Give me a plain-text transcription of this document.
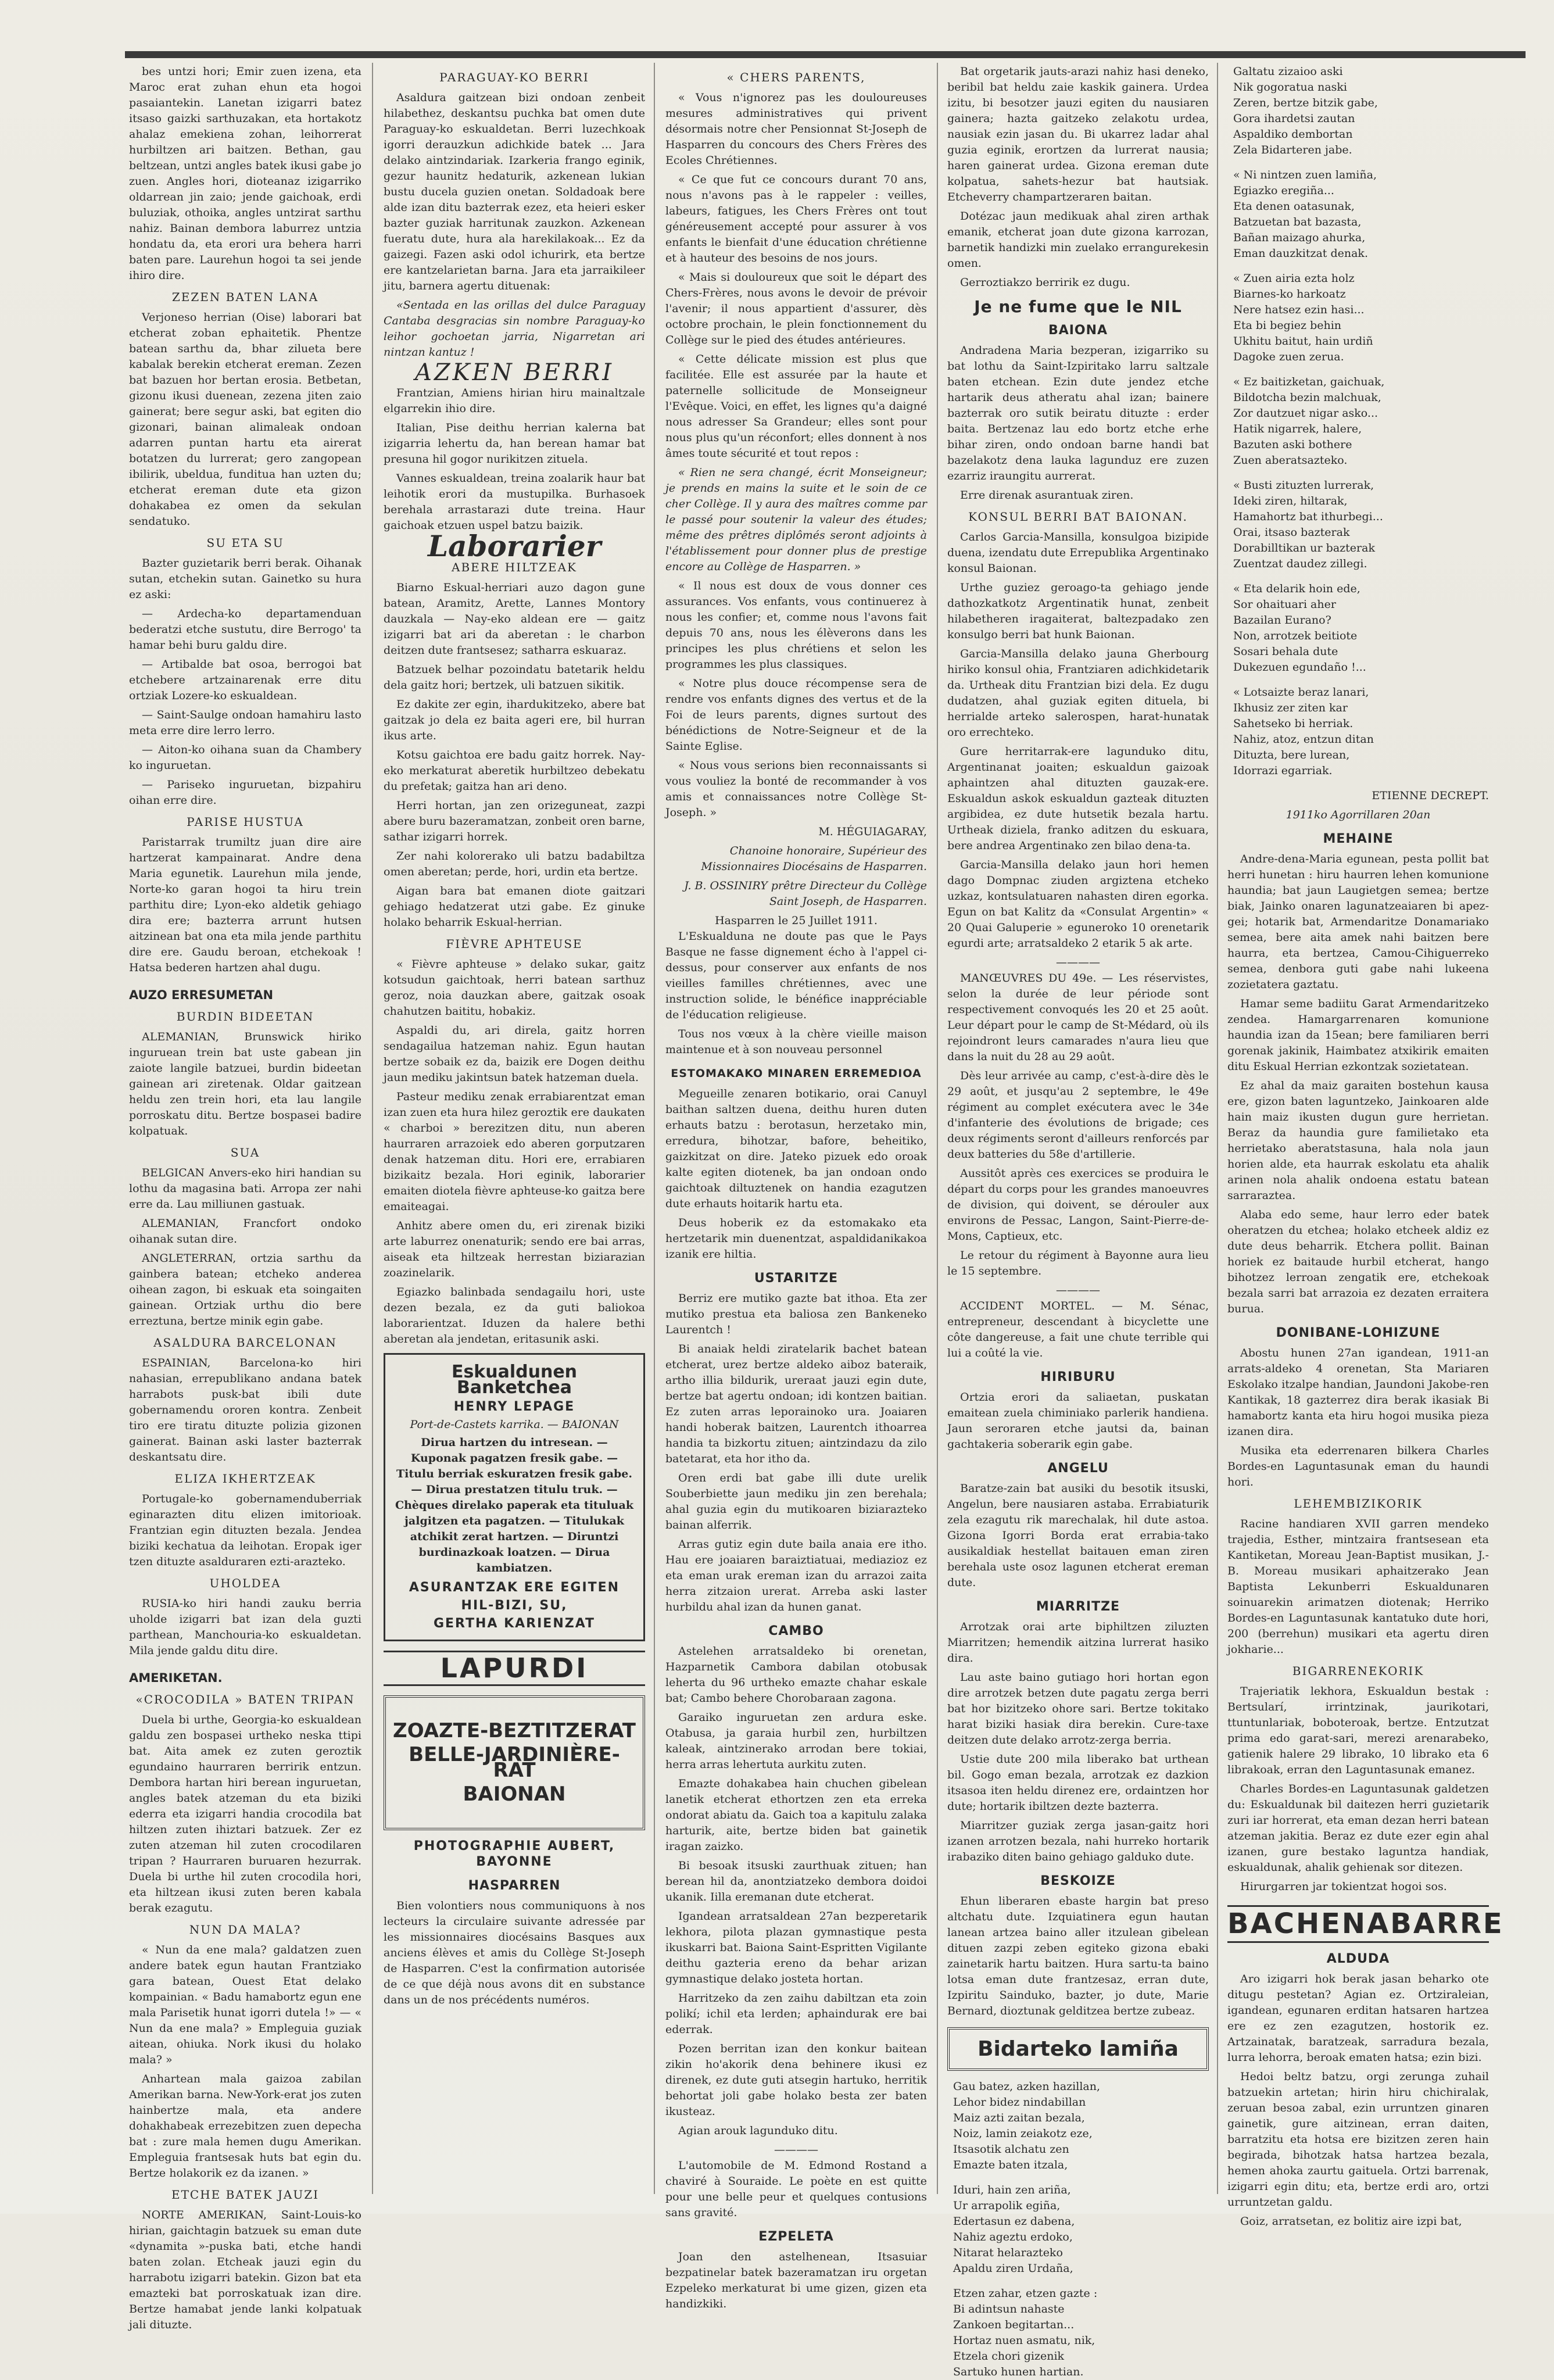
bes untzi hori; Emir zuen izena, eta Maroc erat zuhan ehun eta hogoi pasaiantekin. Lanetan izigarri batez itsaso gaizki sarthuzakan, eta hortakotz ahalaz emekiena zohan, leihorrerat hurbiltzen ari baitzen. Bethan, gau beltzean, untzi angles batek ikusi gabe jo zuen. Angles hori, dioteanaz izigarriko oldarrean jin zaio; jende gaichoak, erdi buluziak, othoika, angles untzirat sarthu nahiz. Bainan dembora laburrez untzia hondatu da, eta erori ura behera harri baten pare. Laurehun hogoi ta sei jende ihiro dire.

ZEZEN BATEN LANA

Verjoneso herrian (Oise) laborari bat etcherat zoban ephaitetik. Phentze batean sarthu da, bhar zilueta bere kabalak berekin etcherat ereman. Zezen bat bazuen hor bertan erosia. Betbetan, gizonu ikusi duenean, zezena jiten zaio gainerat; bere segur aski, bat egiten dio gizonari, bainan alimaleak ondoan adarren puntan hartu eta airerat botatzen du lurrerat; gero zangopean ibilirik, ubeldua, funditua han uzten du; etcherat ereman dute eta gizon dohakabea ez omen da sekulan sendatuko.

SU ETA SU

Bazter guzietarik berri berak. Oihanak sutan, etchekin sutan. Gainetko su hura ez aski:

— Ardecha-ko departamenduan bederatzi etche sustutu, dire Berrogo' ta hamar behi buru galdu dire.

— Artibalde bat osoa, berrogoi bat etchebere artzainarenak erre ditu ortziak Lozere-ko eskualdean.

— Saint-Saulge ondoan hamahiru lasto meta erre dire lerro lerro.

— Aiton-ko oihana suan da Chambery ko inguruetan.

— Pariseko inguruetan, bizpahiru oihan erre dire.

PARISE HUSTUA

Paristarrak trumiltz juan dire aire hartzerat kampainarat. Andre dena Maria egunetik. Laurehun mila jende, Norte-ko garan hogoi ta hiru trein parthitu dire; Lyon-eko aldetik gehiago dira ere; bazterra arrunt hutsen aitzinean bat ona eta mila jende parthitu dire ere. Gaudu beroan, etchekoak ! Hatsa bederen hartzen ahal dugu.

AUZO ERRESUMETAN
BURDIN BIDEETAN

ALEMANIAN, Brunswick hiriko inguruean trein bat uste gabean jin zaiote langile batzuei, burdin bideetan gainean ari ziretenak. Oldar gaitzean heldu zen trein hori, eta lau langile porroskatu ditu. Bertze bospasei badire kolpatuak.

SUA

BELGICAN Anvers-eko hiri handian su lothu da magasina bati. Arropa zer nahi erre da. Lau milliunen gastuak.

ALEMANIAN, Francfort ondoko oihanak sutan dire.

ANGLETERRAN, ortzia sarthu da gainbera batean; etcheko anderea oihean zagon, bi eskuak eta soingaiten gainean. Ortziak urthu dio bere erreztuna, bertze minik egin gabe.

ASALDURA BARCELONAN

ESPAINIAN, Barcelona-ko hiri nahasian, errepublikano andana batek harrabots pusk-bat ibili dute gobernamendu ororen kontra. Zenbeit tiro ere tiratu dituzte polizia gizonen gainerat. Bainan aski laster bazterrak deskantsatu dire.

ELIZA IKHERTZEAK

Portugale-ko gobernamenduberriak eginarazten ditu elizen imitorioak. Frantzian egin dituzten bezala. Jendea biziki kechatua da leihotan. Eropak iger tzen dituzte asalduraren ezti-arazteko.

UHOLDEA

RUSIA-ko hiri handi zauku berria uholde izigarri bat izan dela guzti parthean, Manchouria-ko eskualdetan. Mila jende galdu ditu dire.

AMERIKETAN.
«CROCODILA » BATEN TRIPAN

Duela bi urthe, Georgia-ko eskualdean galdu zen bospasei urtheko neska ttipi bat. Aita amek ez zuten geroztik egundaino haurraren berririk entzun. Dembora hartan hiri berean inguruetan, angles batek atzeman du eta biziki ederra eta izigarri handia crocodila bat hiltzen zuten ihiztari batzuek. Zer ez zuten atzeman hil zuten crocodilaren tripan ? Haurraren buruaren hezurrak. Duela bi urthe hil zuten crocodila hori, eta hiltzean ikusi zuten beren kabala berak ezagutu.

NUN DA MALA?

« Nun da ene mala? galdatzen zuen andere batek egun hautan Frantziako gara batean, Ouest Etat delako kompainian. « Badu hamabortz egun ene mala Parisetik hunat igorri dutela !» — « Nun da ene mala? » Empleguia guziak aitean, ohiuka. Nork ikusi du holako mala? »

Anhartean mala gaizoa zabilan Amerikan barna. New-York-erat jos zuten hainbertze mala, eta andere dohakhabeak errezebitzen zuen depecha bat : zure mala hemen dugu Amerikan. Empleguia frantsesak huts bat egin du. Bertze holakorik ez da izanen. »

ETCHE BATEK JAUZI

NORTE AMERIKAN, Saint-Louis-ko hirian, gaichtagin batzuek su eman dute «dynamita »-puska bati, etche handi baten zolan. Etcheak jauzi egin du harrabotu izigarri batekin. Gizon bat eta emazteki bat porroskatuak izan dire. Bertze hamabat jende lanki kolpatuak jali dituzte.

PARAGUAY-KO BERRI

Asaldura gaitzean bizi ondoan zenbeit hilabethez, deskantsu puchka bat omen dute Paraguay-ko eskualdetan. Berri luzechkoak igorri derauzkun adichkide batek ... Jara delako aintzindariak. Izarkeria frango eginik, gezur haunitz hedaturik, azkenean lukian bustu ducela guzien onetan. Soldadoak bere alde izan ditu bazterrak ezez, eta heieri esker bazter guziak harritunak zauzkon. Azkenean fueratu dute, hura ala harekilakoak... Ez da gaizegi. Fazen aski odol ichurirk, eta bertze ere kantzelarietan barna. Jara eta jarraikileer jitu, barnera agertu dituenak:

«Sentada en las orillas del dulce Paraguay Cantaba desgracias sin nombre Paraguay-ko leihor gochoetan jarria, Nigarretan ari nintzan kantuz !

AZKEN BERRI

Frantzian, Amiens hirian hiru mainaltzale elgarrekin ihio dire.

Italian, Pise deithu herrian kalerna bat izigarria lehertu da, han berean hamar bat presuna hil gogor nurikitzen zituela.

Vannes eskualdean, treina zoalarik haur bat leihotik erori da mustupilka. Burhasoek berehala arrastarazi dute treina. Haur gaichoak etzuen uspel batzu baizik.

Laborarier
ABERE HILTZEAK

Biarno Eskual-herriari auzo dagon gune batean, Aramitz, Arette, Lannes Montory dauzkala — Nay-eko aldean ere — gaitz izigarri bat ari da aberetan : le charbon deitzen dute frantsesez; satharra eskuaraz.

Batzuek belhar pozoindatu batetarik heldu dela gaitz hori; bertzek, uli batzuen sikitik.

Ez dakite zer egin, ihardukitzeko, abere bat gaitzak jo dela ez baita ageri ere, bil hurran ikus arte.

Kotsu gaichtoa ere badu gaitz horrek. Nay-eko merkaturat aberetik hurbiltzeo debekatu du prefetak; gaitza han ari deno.

Herri hortan, jan zen orizeguneat, zazpi abere buru bazeramatzan, zonbeit oren barne, sathar izigarri horrek.

Zer nahi kolorerako uli batzu badabiltza omen aberetan; perde, hori, urdin eta bertze.

Aigan bara bat emanen diote gaitzari gehiago hedatzerat utzi gabe. Ez ginuke holako beharrik Eskual-herrian.

FIÈVRE APHTEUSE

« Fièvre aphteuse » delako sukar, gaitz kotsudun gaichtoak, herri batean sarthuz geroz, noia dauzkan abere, gaitzak osoak chahutzen baititu, hobakiz.

Aspaldi du, ari direla, gaitz horren sendagailua hatzeman nahiz. Egun hautan bertze sobaik ez da, baizik ere Dogen deithu jaun mediku jakintsun batek hatzeman duela.

Pasteur mediku zenak errabiarentzat eman izan zuen eta hura hilez geroztik ere daukaten « charboi » berezitzen ditu, nun aberen haurraren arrazoiek edo aberen gorputzaren denak hatzeman ditu. Hori ere, errabiaren bizikaitz bezala. Hori eginik, laborarier emaiten diotela fièvre aphteuse-ko gaitza bere emaiteagai.

Anhitz abere omen du, eri zirenak biziki arte laburrez onenaturik; sendo ere bai arras, aiseak eta hiltzeak herrestan biziarazian zoazinelarik.

Egiazko balinbada sendagailu hori, uste dezen bezala, ez da guti baliokoa laborarientzat. Iduzen da halere bethi aberetan ala jendetan, eritasunik aski.

Eskualdunen Banketchea
HENRY LEPAGE
Port-de-Castets karrika. — BAIONAN

Dirua hartzen du intresean. — Kuponak pagatzen fresik gabe. — Titulu berriak eskuratzen fresik gabe. — Dirua prestatzen titulu truk. — Chèques direlako paperak eta tituluak jalgitzen eta pagatzen. — Titulukak atchikit zerat hartzen. — Diruntzi burdinazkoak loatzen. — Dirua kambiatzen.

ASURANTZAK ERE EGITEN
HIL-BIZI, SU,
GERTHA KARIENZAT
LAPURDI
ZOAZTE-BEZTITZERAT
BELLE-JARDINIÈRE-RAT
BAIONAN
PHOTOGRAPHIE AUBERT, BAYONNE
HASPARREN

Bien volontiers nous communiquons à nos lecteurs la circulaire suivante adressée par les missionnaires diocésains Basques aux anciens élèves et amis du Collège St-Joseph de Hasparren. C'est la confirmation autorisée de ce que déjà nous avons dit en substance dans un de nos précédents numéros.

« CHERS PARENTS,

« Vous n'ignorez pas les douloureuses mesures administratives qui privent désormais notre cher Pensionnat St-Joseph de Hasparren du concours des Chers Frères des Ecoles Chrétiennes.

« Ce que fut ce concours durant 70 ans, nous n'avons pas à le rappeler : veilles, labeurs, fatigues, les Chers Frères ont tout généreusement accepté pour assurer à vos enfants le bienfait d'une éducation chrétienne et à hauteur des besoins de nos jours.

« Mais si douloureux que soit le départ des Chers-Frères, nous avons le devoir de prévoir l'avenir; il nous appartient d'assurer, dès octobre prochain, le plein fonctionnement du Collège sur le pied des études antérieures.

« Cette délicate mission est plus que facilitée. Elle est assurée par la haute et paternelle sollicitude de Monseigneur l'Evêque. Voici, en effet, les lignes qu'a daigné nous adresser Sa Grandeur; elles sont pour nous plus qu'un réconfort; elles donnent à nos âmes toute sécurité et tout repos :

« Rien ne sera changé, écrit Monseigneur; je prends en mains la suite et le soin de ce cher Collège. Il y aura des maîtres comme par le passé pour soutenir la valeur des études; même des prêtres diplômés seront adjoints à l'établissement pour donner plus de prestige encore au Collège de Hasparren. »

« Il nous est doux de vous donner ces assurances. Vos enfants, vous continuerez à nous les confier; et, comme nous l'avons fait depuis 70 ans, nous les élèverons dans les principes les plus chrétiens et selon les programmes les plus classiques.

« Notre plus douce récompense sera de rendre vos enfants dignes des vertus et de la Foi de leurs parents, dignes surtout des bénédictions de Notre-Seigneur et de la Sainte Eglise.

« Nous vous serions bien reconnaissants si vous vouliez la bonté de recommander à vos amis et connaissances notre Collège St-Joseph. »

M. HÉGUIAGARAY,
Chanoine honoraire, Supérieur des Missionnaires Diocésains de Hasparren.
J. B. OSSINIRY prêtre Directeur du Collège Saint Joseph, de Hasparren.
Hasparren le 25 Juillet 1911.

L'Eskualduna ne doute pas que le Pays Basque ne fasse dignement écho à l'appel ci-dessus, pour conserver aux enfants de nos vieilles familles chrétiennes, avec une instruction solide, le bénéfice inappréciable de l'éducation religieuse.

Tous nos vœux à la chère vieille maison maintenue et à son nouveau personnel

ESTOMAKAKO MINAREN ERREMEDIOA

Megueille zenaren botikario, orai Canuyl baithan saltzen duena, deithu huren duten erhauts batzu : berotasun, herzetako min, erredura, bihotzar, bafore, beheitiko, gaizkitzat on dire. Jateko pizuek edo oroak kalte egiten diotenek, ba jan ondoan ondo gaichtoak diltuztenek on handia ezagutzen dute erhauts hoitarik hartu eta.

Deus hoberik ez da estomakako eta hertzetarik min duenentzat, aspaldidanikakoa izanik ere hiltia.

USTARITZE

Berriz ere mutiko gazte bat ithoa. Eta zer mutiko prestua eta baliosa zen Bankeneko Laurentch !

Bi anaiak heldi ziratelarik bachet batean etcherat, urez bertze aldeko aiboz bateraik, artho illia bildurik, ureraat jauzi egin dute, bertze bat agertu ondoan; idi kontzen baitian. Ez zuten arras leporainoko ura. Joaiaren handi hoberak baitzen, Laurentch ithoarrea handia ta bizkortu zituen; aintzindazu da zilo batetarat, eta hor itho da.

Oren erdi bat gabe illi dute urelik Souberbiette jaun mediku jin zen berehala; ahal guzia egin du mutikoaren biziarazteko bainan alferrik.

Arras gutiz egin dute baila anaia ere itho. Hau ere joaiaren baraiztiatuai, mediazioz ez eta eman urak ereman izan du arrazoi zaita herra zitzaion urerat. Arreba aski laster hurbildu ahal izan da hunen ganat.

CAMBO

Astelehen arratsaldeko bi orenetan, Hazparnetik Cambora dabilan otobusak leherta du 96 urtheko emazte chahar eskale bat; Cambo behere Chorobaraan zagona.

Garaiko inguruetan zen ardura eske. Otabusa, ja garaia hurbil zen, hurbiltzen kaleak, aintzinerako arrodan bere tokiai, herra arras lehertuta aurkitu zuten.

Emazte dohakabea hain chuchen gibelean lanetik etcherat ethortzen zen eta erreka ondorat abiatu da. Gaich toa a kapitulu zalaka harturik, aite, bertze biden bat gainetik iragan zaizko.

Bi besoak itsuski zaurthuak zituen; han berean hil da, anontziatzeko dembora doidoi ukanik. Iilla eremanan dute etcherat.

Igandean arratsaldean 27an bezperetarik lekhora, pilota plazan gymnastique pesta ikuskarri bat. Baiona Saint-Espritten Vigilante deithu gazteria ereno da behar arizan gymnastique delako josteta hortan.

Harritzeko da zen zaihu dabiltzan eta zoin polikí; ichil eta lerden; aphaindurak ere bai ederrak.

Pozen berritan izan den konkur baitean zikin ho'akorik dena behinere ikusi ez direnek, ez dute guti atsegin hartuko, herritik behortat joli gabe holako besta zer baten ikusteaz.

Agian arouk lagunduko ditu.

————

L'automobile de M. Edmond Rostand a chaviré à Souraide. Le poète en est quitte pour une belle peur et quelques contusions sans gravité.

EZPELETA

Joan den astelhenean, Itsasuiar bezpatinelar batek bazeramatzan iru orgetan Ezpeleko merkaturat bi ume gizen, gizen eta handizkiki.

Bat orgetarik jauts-arazi nahiz hasi deneko, beribil bat heldu zaie kaskik gainera. Urdea izitu, bi besotzer jauzi egiten du nausiaren gainera; hazta gaitzeko zelakotu urdea, nausiak ezin jasan du. Bi ukarrez ladar ahal guzia eginik, erortzen da lurrerat nausia; haren gainerat urdea. Gizona ereman dute kolpatua, sahets-hezur bat hautsiak. Etcheverry champartzeraren baitan.

Dotézac jaun medikuak ahal ziren arthak emanik, etcherat joan dute gizona karrozan, barnetik handizki min zuelako errangurekesin omen.

Gerroztiakzo berririk ez dugu.

Je ne fume que le NIL
BAIONA

Andradena Maria bezperan, izigarriko su bat lothu da Saint-Izpiritako larru saltzale baten etchean. Ezin dute jendez etche hartarik deus atheratu ahal izan; bainere bazterrak oro sutik beiratu dituzte : erder baita. Bertzenaz lau edo bortz etche erhe bihar ziren, ondo ondoan barne handi bat bazelakotz dena lauka lagunduz ere zuzen ezarriz iraungitu aurrerat.

Erre direnak asurantuak ziren.

KONSUL BERRI BAT BAIONAN.

Carlos Garcia-Mansilla, konsulgoa bizipide duena, izendatu dute Errepublika Argentinako konsul Baionan.

Urthe guziez geroago-ta gehiago jende dathozkatkotz Argentinatik hunat, zenbeit hilabetheren iragaiterat, baltezpadako zen konsulgo berri bat hunk Baionan.

Garcia-Mansilla delako jauna Gherbourg hiriko konsul ohia, Frantziaren adichkidetarik da. Urtheak ditu Frantzian bizi dela. Ez dugu dudatzen, ahal guziak egiten dituela, bi herrialde arteko salerospen, harat-hunatak oro errechteko.

Gure herritarrak-ere lagunduko ditu, Argentinanat joaiten; eskualdun gaizoak aphaintzen ahal dituzten gauzak-ere. Eskualdun askok eskualdun gazteak dituzten argibidea, ez dute hutsetik bezala hartu. Urtheak diziela, franko aditzen du eskuara, bere andrea Argentinako zen bilao dena-ta.

Garcia-Mansilla delako jaun hori hemen dago Dompnac ziuden argiztena etcheko uzkaz, kontsulatuaren nahasten diren egorka. Egun on bat Kalitz da «Consulat Argentin» « 20 Quai Galuperie » eguneroko 10 orenetarik egurdi arte; arratsaldeko 2 etarik 5 ak arte.

————

MANŒUVRES DU 49e. — Les réservistes, selon la durée de leur période sont respectivement convoqués les 20 et 25 août. Leur départ pour le camp de St-Médard, où ils rejoindront leurs camarades n'aura lieu que dans la nuit du 28 au 29 août.

Dès leur arrivée au camp, c'est-à-dire dès le 29 août, et jusqu'au 2 septembre, le 49e régiment au complet exécutera avec le 34e d'infanterie des évolutions de brigade; ces deux régiments seront d'ailleurs renforcés par deux batteries du 58e d'artillerie.

Aussitôt après ces exercices se produira le départ du corps pour les grandes manoeuvres de division, qui doivent, se dérouler aux environs de Pessac, Langon, Saint-Pierre-de-Mons, Captieux, etc.

Le retour du régiment à Bayonne aura lieu le 15 septembre.

————

ACCIDENT MORTEL. — M. Sénac, entrepreneur, descendant à bicyclette une côte dangereuse, a fait une chute terrible qui lui a coûté la vie.

HIRIBURU

Ortzia erori da saliaetan, puskatan emaitean zuela chiminiako parlerik handiena. Jaun seroraren etche jautsi da, bainan gachtakeria soberarik egin gabe.

ANGELU

Baratze-zain bat ausiki du besotik itsuski, Angelun, bere nausiaren astaba. Errabiaturik zela ezagutu rik marechalak, hil dute astoa. Gizona Igorri Borda erat errabia-tako ausikaldiak hestellat baitauen eman ziren berehala uste osoz lagunen etcherat ereman dute.

MIARRITZE

Arrotzak orai arte biphiltzen ziluzten Miarritzen; hemendik aitzina lurrerat hasiko dira.

Lau aste baino gutiago hori hortan egon dire arrotzek betzen dute pagatu zerga berri bat hor bizitzeko ohore sari. Bertze tokitako harat biziki hasiak dira berekin. Cure-taxe deitzen dute delako arrotz-zerga berria.

Ustie dute 200 mila liberako bat urthean bil. Gogo eman bezala, arrotzak ez dazkion itsasoa iten heldu direnez ere, ordaintzen hor dute; hortarik ibiltzen dezte bazterra.

Miarritzer guziak zerga jasan-gaitz hori izanen arrotzen bezala, nahi hurreko hortarik irabaziko diten baino gehiago galduko dute.

BESKOIZE

Ehun liberaren ebaste hargin bat preso altchatu dute. Izquiatinera egun hautan lanean artzea baino aller itzulean gibelean dituen zazpi zeben egiteko gizona ebaki zainetarik hartu baitzen. Hura sartu-ta baino lotsa eman dute frantzesaz, erran dute, Izpiritu Sainduko, bazter, jo dute, Marie Bernard, dioztunak gelditzea bertze zubeaz.

Bidarteko lamiña
Gau batez, azken hazillan,
Lehor bidez nindabillan
Maiz azti zaitan bezala,
Noiz, lamin zeiakotz eze,
Itsasotik alchatu zen
Emazte baten itzala,
Iduri, hain zen ariña,
Ur arrapolik egiña,
Edertasun ez dabena,
Nahiz ageztu erdoko,
Nitarat helarazteko
Apaldu ziren Urdaña,
Etzen zahar, etzen gazte :
Bi adintsun nahaste
Zankoen begitartan...
Hortaz nuen asmatu, nik,
Etzela chori gizenik
Sartuko hunen hartian.
Galtatu zizaioo aski
Nik gogoratua naski
Zeren, bertze bitzik gabe,
Gora ihardetsi zautan
Aspaldiko dembortan
Zela Bidarteren jabe.
« Ni nintzen zuen lamiña,
Egiazko eregiña...
Eta denen oatasunak,
Batzuetan bat bazasta,
Bañan maizago ahurka,
Eman dauzkitzat denak.
« Zuen airia ezta holz
Biarnes-ko harkoatz
Nere hatsez ezin hasi...
Eta bi begiez behin
Ukhitu baitut, hain urdiñ
Dagoke zuen zerua.
« Ez baitizketan, gaichuak,
Bildotcha bezin malchuak,
Zor dautzuet nigar asko...
Hatik nigarrek, halere,
Bazuten aski bothere
Zuen aberatsazteko.
« Busti zituzten lurrerak,
Ideki ziren, hiltarak,
Hamahortz bat ithurbegi...
Orai, itsaso bazterak
Dorabilltikan ur bazterak
Zuentzat daudez zillegi.
« Eta delarik hoin ede,
Sor ohaituari aher
Bazailan Eurano?
Non, arrotzek beitiote
Sosari behala dute
Dukezuen egundaño !...
« Lotsaizte beraz lanari,
Ikhusiz zer ziten kar
Sahetseko bi herriak.
Nahiz, atoz, entzun ditan
Dituzta, bere lurean,
Idorrazi egarriak.
ETIENNE DECREPT.
1911ko Agorrillaren 20an
MEHAINE

Andre-dena-Maria egunean, pesta pollit bat herri hunetan : hiru haurren lehen komunione haundia; bat jaun Laugietgen semea; bertze biak, Jainko onaren lagunatzeaiaren bi apez-gei; hotarik bat, Armendaritze Donamariako semea, bere aita amek nahi baitzen bere haurra, eta bertzea, Camou-Cihiguerreko semea, denbora guti gabe nahi lukeena zozietatera gaztatu.

Hamar seme badiitu Garat Armendaritzeko zendea. Hamargarrenaren komunione haundia izan da 15ean; bere familiaren berri gorenak jakinik, Haimbatez atxikirik emaiten ditu Eskual Herrian ezkontzak sozietatean.

Ez ahal da maiz garaiten bostehun kausa ere, gizon baten laguntzeko, Jainkoaren alde hain maiz ikusten dugun gure herrietan. Beraz da haundia gure familietako eta herrietako aberatstasuna, hala nola jaun horien alde, eta haurrak eskolatu eta ahalik arinen nola ahalik ondoena estatu batean sarraraztea.

Alaba edo seme, haur lerro eder batek oheratzen du etchea; holako etcheek aldiz ez dute deus beharrik. Etchera pollit. Bainan horiek ez baitaude hurbil etcherat, hango bihotzez lerroan zengatik ere, etchekoak bezala sarri bat arrazoia ez dezaten erraitera burua.

DONIBANE-LOHIZUNE

Abostu hunen 27an igandean, 1911-an arrats-aldeko 4 orenetan, Sta Mariaren Eskolako itzalpe handian, Jaundoni Jakobe-ren Kantikak, 18 gazterrez dira berak ikasiak Bi hamabortz kanta eta hiru hogoi musika pieza izanen dira.

Musika eta ederrenaren bilkera Charles Bordes-en Laguntasunak eman du haundi hori.

LEHEMBIZIKORIK

Racine handiaren XVII garren mendeko trajedia, Esther, mintzaira frantsesean eta Kantiketan, Moreau Jean-Baptist musikan, J.-B. Moreau musikari aphaitzerako Jean Baptista Lekunberri Eskualdunaren soinuarekin arimatzen diotenak; Herriko Bordes-en Laguntasunak kantatuko dute hori, 200 (berrehun) musikari eta agertu diren jokharie...

BIGARRENEKORIK

Trajeriatik lekhora, Eskualdun bestak : Bertsularí, irrintzinak, jaurikotari, ttuntunlariak, boboteroak, bertze. Entzutzat prima edo garat-sari, merezi arenarabeko, gatienik halere 29 librako, 10 librako eta 6 librakoak, erran den Laguntasunak emanez.

Charles Bordes-en Laguntasunak galdetzen du: Eskualdunak bil daitezen herri guzietarik zuri iar horrerat, eta eman dezan herri batean atzeman jakitia. Beraz ez dute ezer egin ahal izanen, gure bestako laguntza handiak, eskualdunak, ahalik gehienak sor ditezen.

Hirurgarren jar tokientzat hogoi sos.

BACHENABARRE
ALDUDA

Aro izigarri hok berak jasan beharko ote ditugu pestetan? Agian ez. Ortziraleian, igandean, egunaren erditan hatsaren hartzea ere ez zen ezagutzen, hostorik ez. Artzainatak, baratzeak, sarradura bezala, lurra lehorra, beroak ematen hatsa; ezin bizi.

Hedoi beltz batzu, orgi zerunga zuhail batzuekin artetan; hirin hiru chichiralak, zeruan besoa zabal, ezin urruntzen ginaren gainetik, gure aitzinean, erran daiten, barratzitu eta hotsa ere bizitzen zeren hain begirada, bihotzak hatsa hartzea bezala, hemen ahoka zaurtu gaituela. Ortzi barrenak, izigarri egin ditu; eta, bertze erdi aro, ortzi urruntzetan galdu.

Goiz, arratsetan, ez bolitiz aire izpi bat,
